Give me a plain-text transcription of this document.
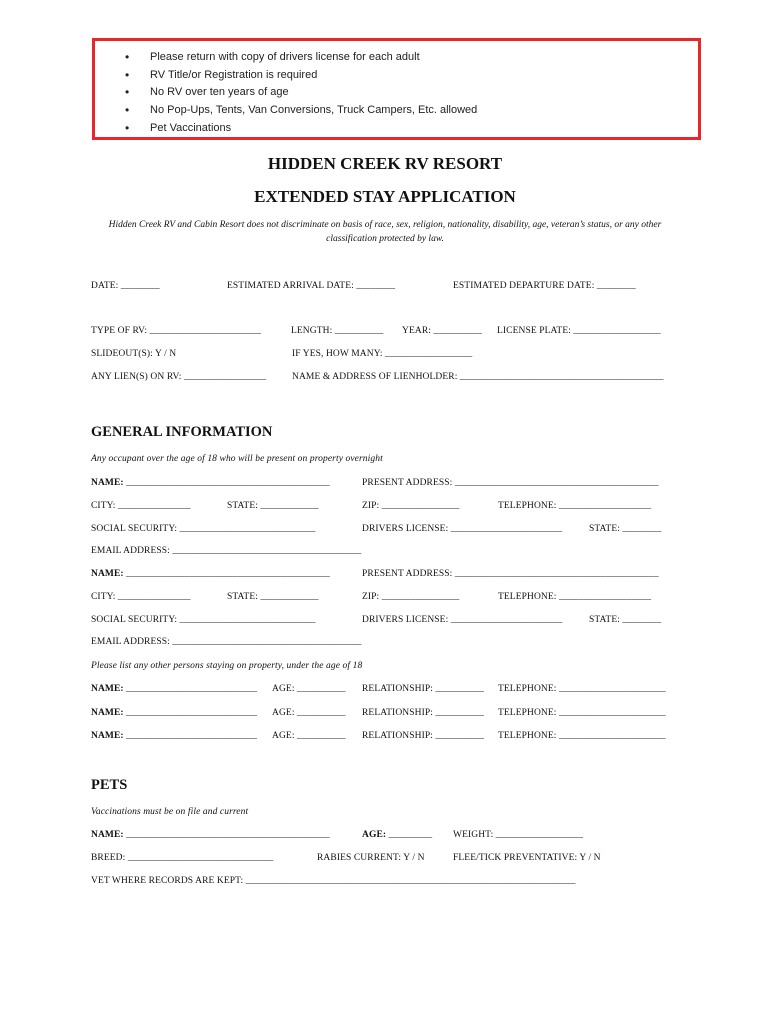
• Please return with copy of drivers license for each adult
• RV Title/or Registration is required
• No RV over ten years of age
• No Pop-Ups, Tents, Van Conversions, Truck Campers, Etc. allowed
• Pet Vaccinations
HIDDEN CREEK RV RESORT
EXTENDED STAY APPLICATION
Hidden Creek RV and Cabin Resort does not discriminate on basis of race, sex, religion, nationality, disability, age, veteran’s status, or any other classification protected by law.
DATE: ________	ESTIMATED ARRIVAL DATE: ________	ESTIMATED DEPARTURE DATE: ________
TYPE OF RV: _______________________	LENGTH: __________ YEAR: __________ LICENSE PLATE: __________________
SLIDEOUT(S): Y / N	IF YES, HOW MANY: __________________
ANY LIEN(S) ON RV: _________________	NAME & ADDRESS OF LIENHOLDER: __________________________________________
GENERAL INFORMATION
Any occupant over the age of 18 who will be present on property overnight
NAME: __________________________________________	PRESENT ADDRESS: __________________________________________
CITY: _______________	STATE: ____________	ZIP: ________________	TELEPHONE: ___________________
SOCIAL SECURITY: ____________________________	DRIVERS LICENSE: _______________________	STATE: ________
EMAIL ADDRESS: _______________________________________
NAME: __________________________________________	PRESENT ADDRESS: __________________________________________
CITY: _______________	STATE: ____________	ZIP: ________________	TELEPHONE: ___________________
SOCIAL SECURITY: ____________________________	DRIVERS LICENSE: _______________________	STATE: ________
EMAIL ADDRESS: _______________________________________
Please list any other persons staying on property, under the age of 18
NAME: ___________________________ AGE: __________ RELATIONSHIP: __________ TELEPHONE: ______________________
NAME: ___________________________ AGE: __________ RELATIONSHIP: __________ TELEPHONE: ______________________
NAME: ___________________________ AGE: __________ RELATIONSHIP: __________ TELEPHONE: ______________________
PETS
Vaccinations must be on file and current
NAME: __________________________________________	AGE: _________ WEIGHT: __________________
BREED: ______________________________	RABIES CURRENT: Y / N	FLEE/TICK PREVENTATIVE: Y / N
VET WHERE RECORDS ARE KEPT: ____________________________________________________________________
